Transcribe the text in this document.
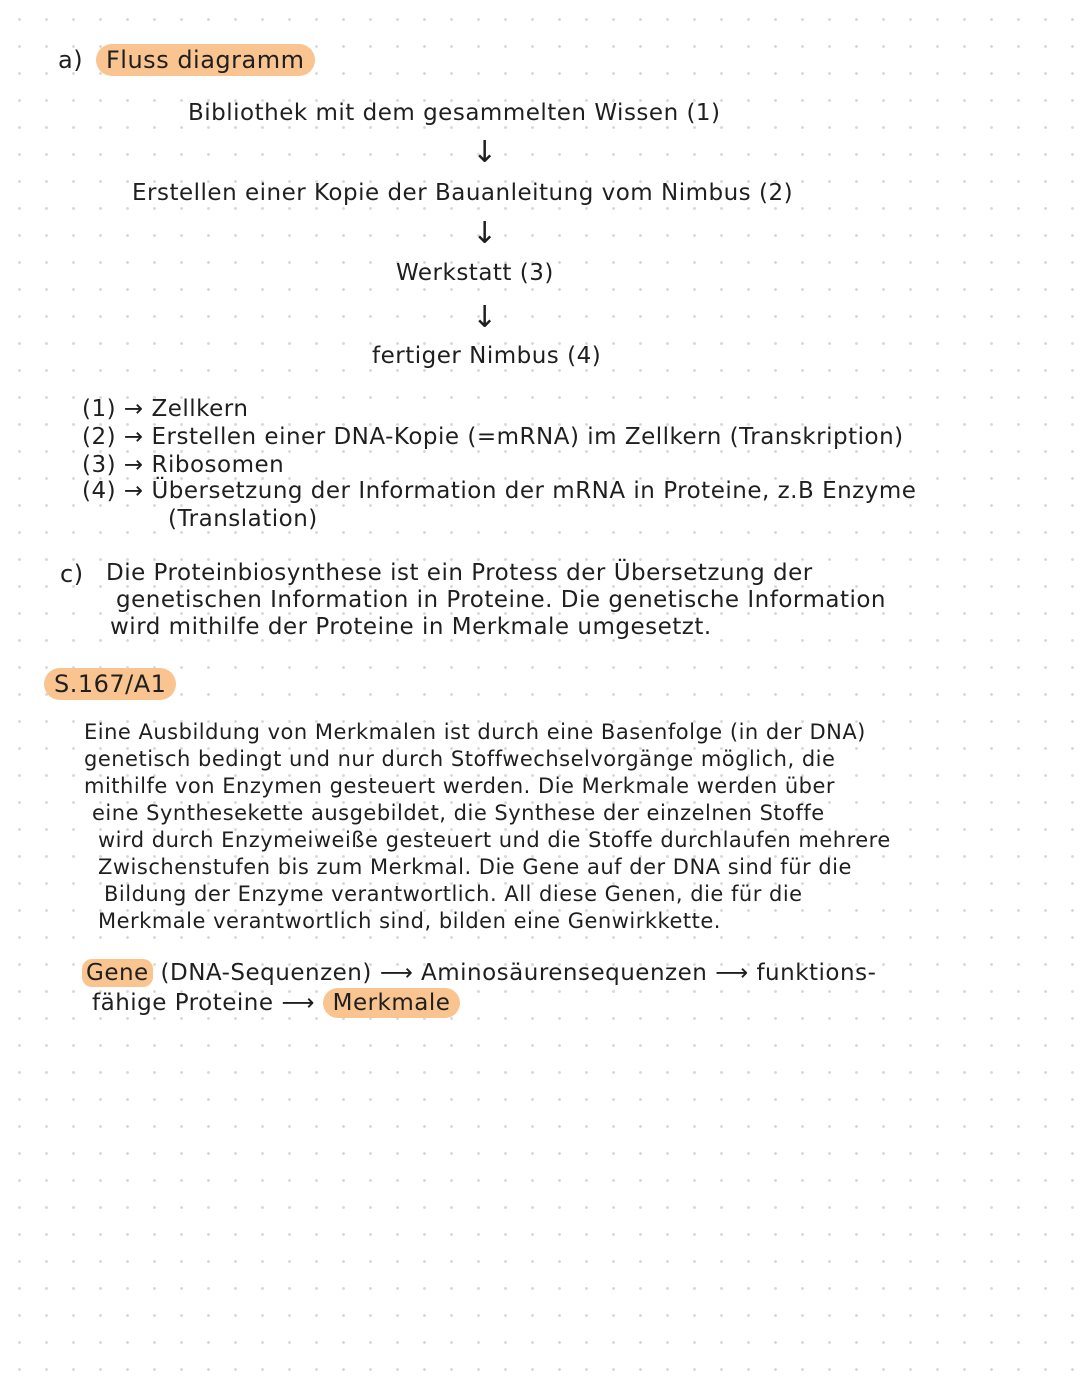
a) Fluss diagramm
Bibliothek mit dem gesammelten Wissen (1)
↓
Erstellen einer Kopie der Bauanleitung vom Nimbus (2)
↓
Werkstatt (3)
↓
fertiger Nimbus (4)
(1) → Zellkern
(2) → Erstellen einer DNA-Kopie (=mRNA) im Zellkern (Transkription)
(3) → Ribosomen
(4) → Übersetzung der Information der mRNA in Proteine, z.B Enzyme
(Translation)
c) Die Proteinbiosynthese ist ein Protess der Übersetzung der
genetischen Information in Proteine. Die genetische Information
wird mithilfe der Proteine in Merkmale umgesetzt.
S.167/A1
Eine Ausbildung von Merkmalen ist durch eine Basenfolge (in der DNA)
genetisch bedingt und nur durch Stoffwechselvorgänge möglich, die
mithilfe von Enzymen gesteuert werden. Die Merkmale werden über
eine Synthesekette ausgebildet, die Synthese der einzelnen Stoffe
wird durch Enzymeiweiße gesteuert und die Stoffe durchlaufen mehrere
Zwischenstufen bis zum Merkmal. Die Gene auf der DNA sind für die
Bildung der Enzyme verantwortlich. All diese Genen, die für die
Merkmale verantwortlich sind, bilden eine Genwirkkette.
Gene (DNA-Sequenzen) ⟶ Aminosäurensequenzen ⟶ funktions-
fähige Proteine ⟶ Merkmale
